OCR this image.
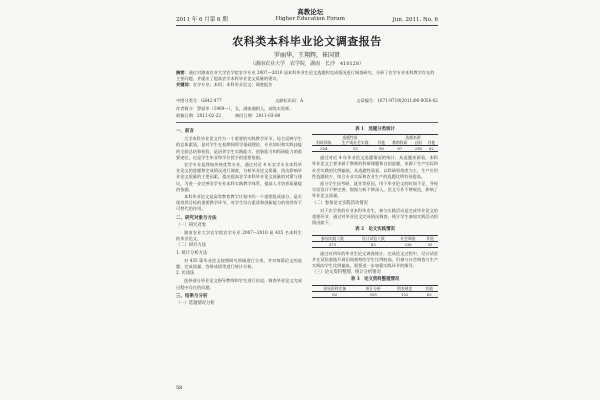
2011 年 6 月第 6 期
高教论坛
Higher Education Forum	Jun. 2011. No. 6
农科类本科毕业论文调查报告
罗丽华，王翔辉，崔国贤
（湖南农业大学　农学院，湖南　长沙　410128）
摘要：通过对湖南农业大学农学院农学专业 2007—2010 届本科毕业生论文选题和完成情况进行调查研究，分析了农学专业本科教学存在的主要问题，并提出了提高农学本科毕业论文质量的建议。
关键词：农学专业；本科；本科毕业论文；调查报告
中图分类号：G642.477	文献标识码：A	文章编号：1671-9719(2011)06-0058-02
作者简介：罗丽华（1969—），女，湖南湘阴人，高级实验师。
收稿日期：2011-02-22	修回日期：2011-03-08
一、前言

大学本科毕业论文作为一个重要的实践教学环节，综合反映学生的总体素质，是对学生在校期间所学基础理论、专业知识和实践技能的全面总结和检验，是培养学生实践能力、创新能力和科研能力的重要途径，也是学生毕业和学位授予的重要依据。

农学专业是我校传统优势专业，通过对近 4 年农学专业本科毕业论文的选题和完成情况进行调查，分析毕业论文质量，找出影响毕业论文质量的主要因素，提出提高农学本科毕业论文质量的对策与建议，为进一步完善农学专业本科实践教学体系，提高人才培养质量提供依据。

本科毕业论文是高等教育教学计划中的一个重要组成部分，是实现培养目标的重要教学环节，对学生综合素质和创新能力的培养有不可替代的作用。

二、研究对象与方法
（一）研究对象

湖南农业大学农学院农学专业 2007—2010 届 435 名本科生的毕业论文。

（二）研究方法
1. 统计分析方法

对 435 篇毕业论文按照研究领域进行分类，并对每篇论文的选题、完成质量、答辩成绩等进行统计分析。

2. 访谈法

选择部分毕业论文指导教师和学生进行访谈，调查毕业论文完成过程中存在的问题。

三、结果与分析
（一）选题情况分析
表 1　选题分类统计
选题性质			选题来源		
科研训练	生产或社会实践	其他	教师科研	自拟	其他
304	33	98	87	238	82

通过对近 4 年毕业论文选题情况的统计，从选题来源看，本科毕业论文主要来源于教师的科研课题和自拟选题，来源于生产实际和社会实践的比例偏低。从选题性质看，以科研训练类为主，生产应用性选题较少，结合专业实际和农业生产的选题比例有待提高。

部分学生因考研、就业等原因，用于毕业论文的时间不足，导致实验设计不够完善，数据分析不够深入，论文写作不够规范，影响了毕业论文质量。

（二）参加论文实践活动情况

对于农学类的专业本科毕业生，参与实践活动是完成毕业论文的重要环节，通过对毕业论文完成情况调查，统计学生参加实践活动的情况如下。

表 2　论文实践情况
参加实践人数	设计试验人数	社会调查	其他
373	82	236	55

通过对四年的毕业生论文调查统计，完成论文过程中，设计试验并在试验基地开展田间观察的学生比例较高，但参与社会调查与生产实践的学生比例偏低，需要进一步加强实践环节的指导。

（三）论文资料整理、统计分析情况
表 3　论文资料整理情况
原始资料完备	统计分析	图表规范	其他
82	355	132	65
58
